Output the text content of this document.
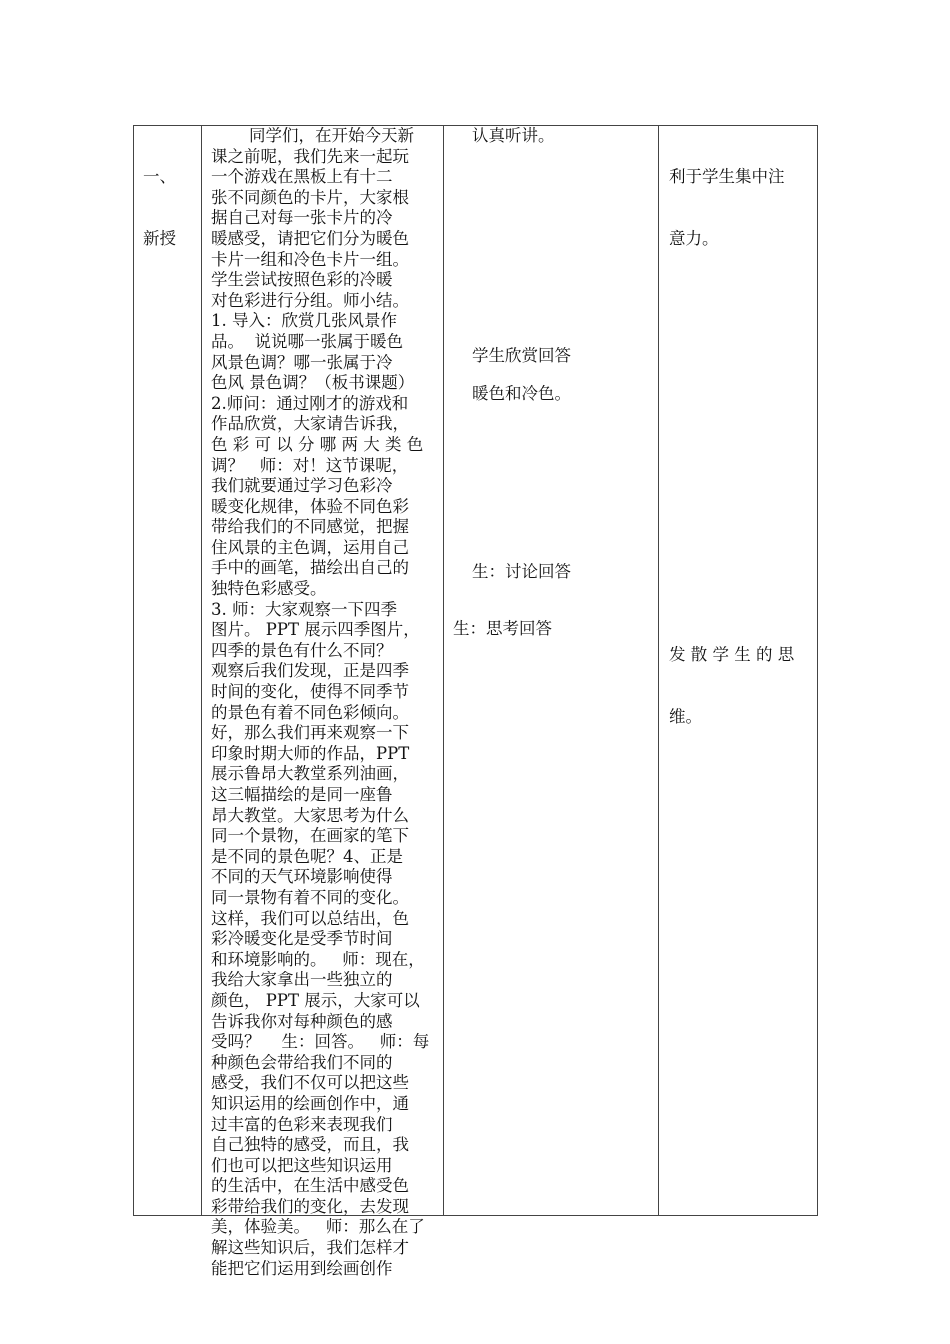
一、

新授

同学们，在开始今天新
课之前呢，我们先来一起玩
一个游戏在黑板上有十二
张不同颜色的卡片，大家根
据自己对每一张卡片的冷
暖感受，请把它们分为暖色
卡片一组和冷色卡片一组。
学生尝试按照色彩的冷暖
对色彩进行分组。师小结。
1. 导入：欣赏几张风景作
品。  说说哪一张属于暖色
风景色调？哪一张属于冷
色风 景色调？（板书课题）
2.师问：通过刚才的游戏和
作品欣赏，大家请告诉我，
色 彩 可 以 分 哪 两 大 类 色
调？   师：对！这节课呢，
我们就要通过学习色彩冷
暖变化规律，体验不同色彩
带给我们的不同感觉，把握
住风景的主色调，运用自己
手中的画笔，描绘出自己的
独特色彩感受。
3. 师：大家观察一下四季
图片。 PPT 展示四季图片，
四季的景色有什么不同？
观察后我们发现，正是四季
时间的变化，使得不同季节
的景色有着不同色彩倾向。
好，那么我们再来观察一下
印象时期大师的作品，PPT
展示鲁昂大教堂系列油画，
这三幅描绘的是同一座鲁
昂大教堂。大家思考为什么
同一个景物，在画家的笔下
是不同的景色呢？4、正是
不同的天气环境影响使得
同一景物有着不同的变化。
这样，我们可以总结出，色
彩冷暖变化是受季节时间
和环境影响的。   师：现在，
我给大家拿出一些独立的
颜色， PPT 展示，大家可以
告诉我你对每种颜色的感
受吗？    生：回答。   师：每
种颜色会带给我们不同的
感受，我们不仅可以把这些
知识运用的绘画创作中，通
过丰富的色彩来表现我们
自己独特的感受，而且，我
们也可以把这些知识运用
的生活中，在生活中感受色
彩带给我们的变化，去发现
美，体验美。   师：那么在了
解这些知识后，我们怎样才
能把它们运用到绘画创作
认真听讲。
学生欣赏回答
暖色和冷色。
生：讨论回答
生：思考回答

利于学生集中注

意力。

发 散 学 生 的 思

维。
